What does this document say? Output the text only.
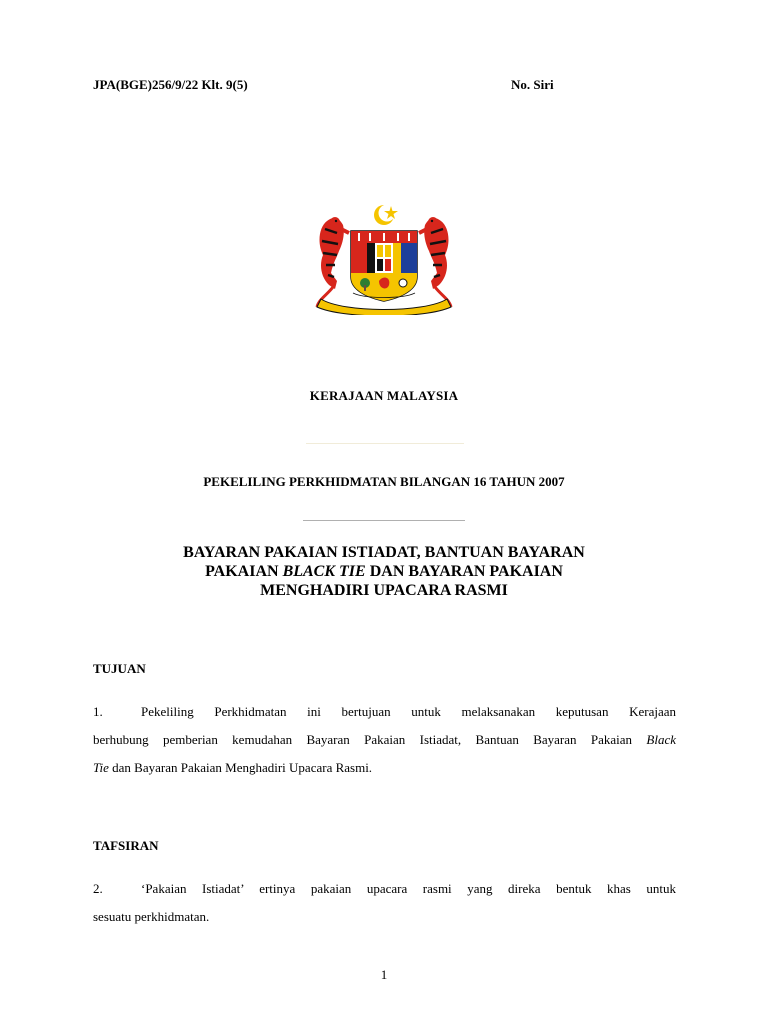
JPA(BGE)256/9/22 Klt. 9(5)	No. Siri
KERAJAAN MALAYSIA
PEKELILING PERKHIDMATAN BILANGAN 16 TAHUN 2007
BAYARAN PAKAIAN ISTIADAT, BANTUAN BAYARAN
PAKAIAN BLACK TIE DAN BAYARAN PAKAIAN
MENGHADIRI UPACARA RASMI
TUJUAN
1.	Pekeliling Perkhidmatan ini bertujuan untuk melaksanakan keputusan Kerajaan
berhubung pemberian kemudahan Bayaran Pakaian Istiadat, Bantuan Bayaran Pakaian Black
Tie dan Bayaran Pakaian Menghadiri Upacara Rasmi.
TAFSIRAN
2.	‘Pakaian Istiadat’ ertinya pakaian upacara rasmi yang direka bentuk khas untuk
sesuatu perkhidmatan.
1
